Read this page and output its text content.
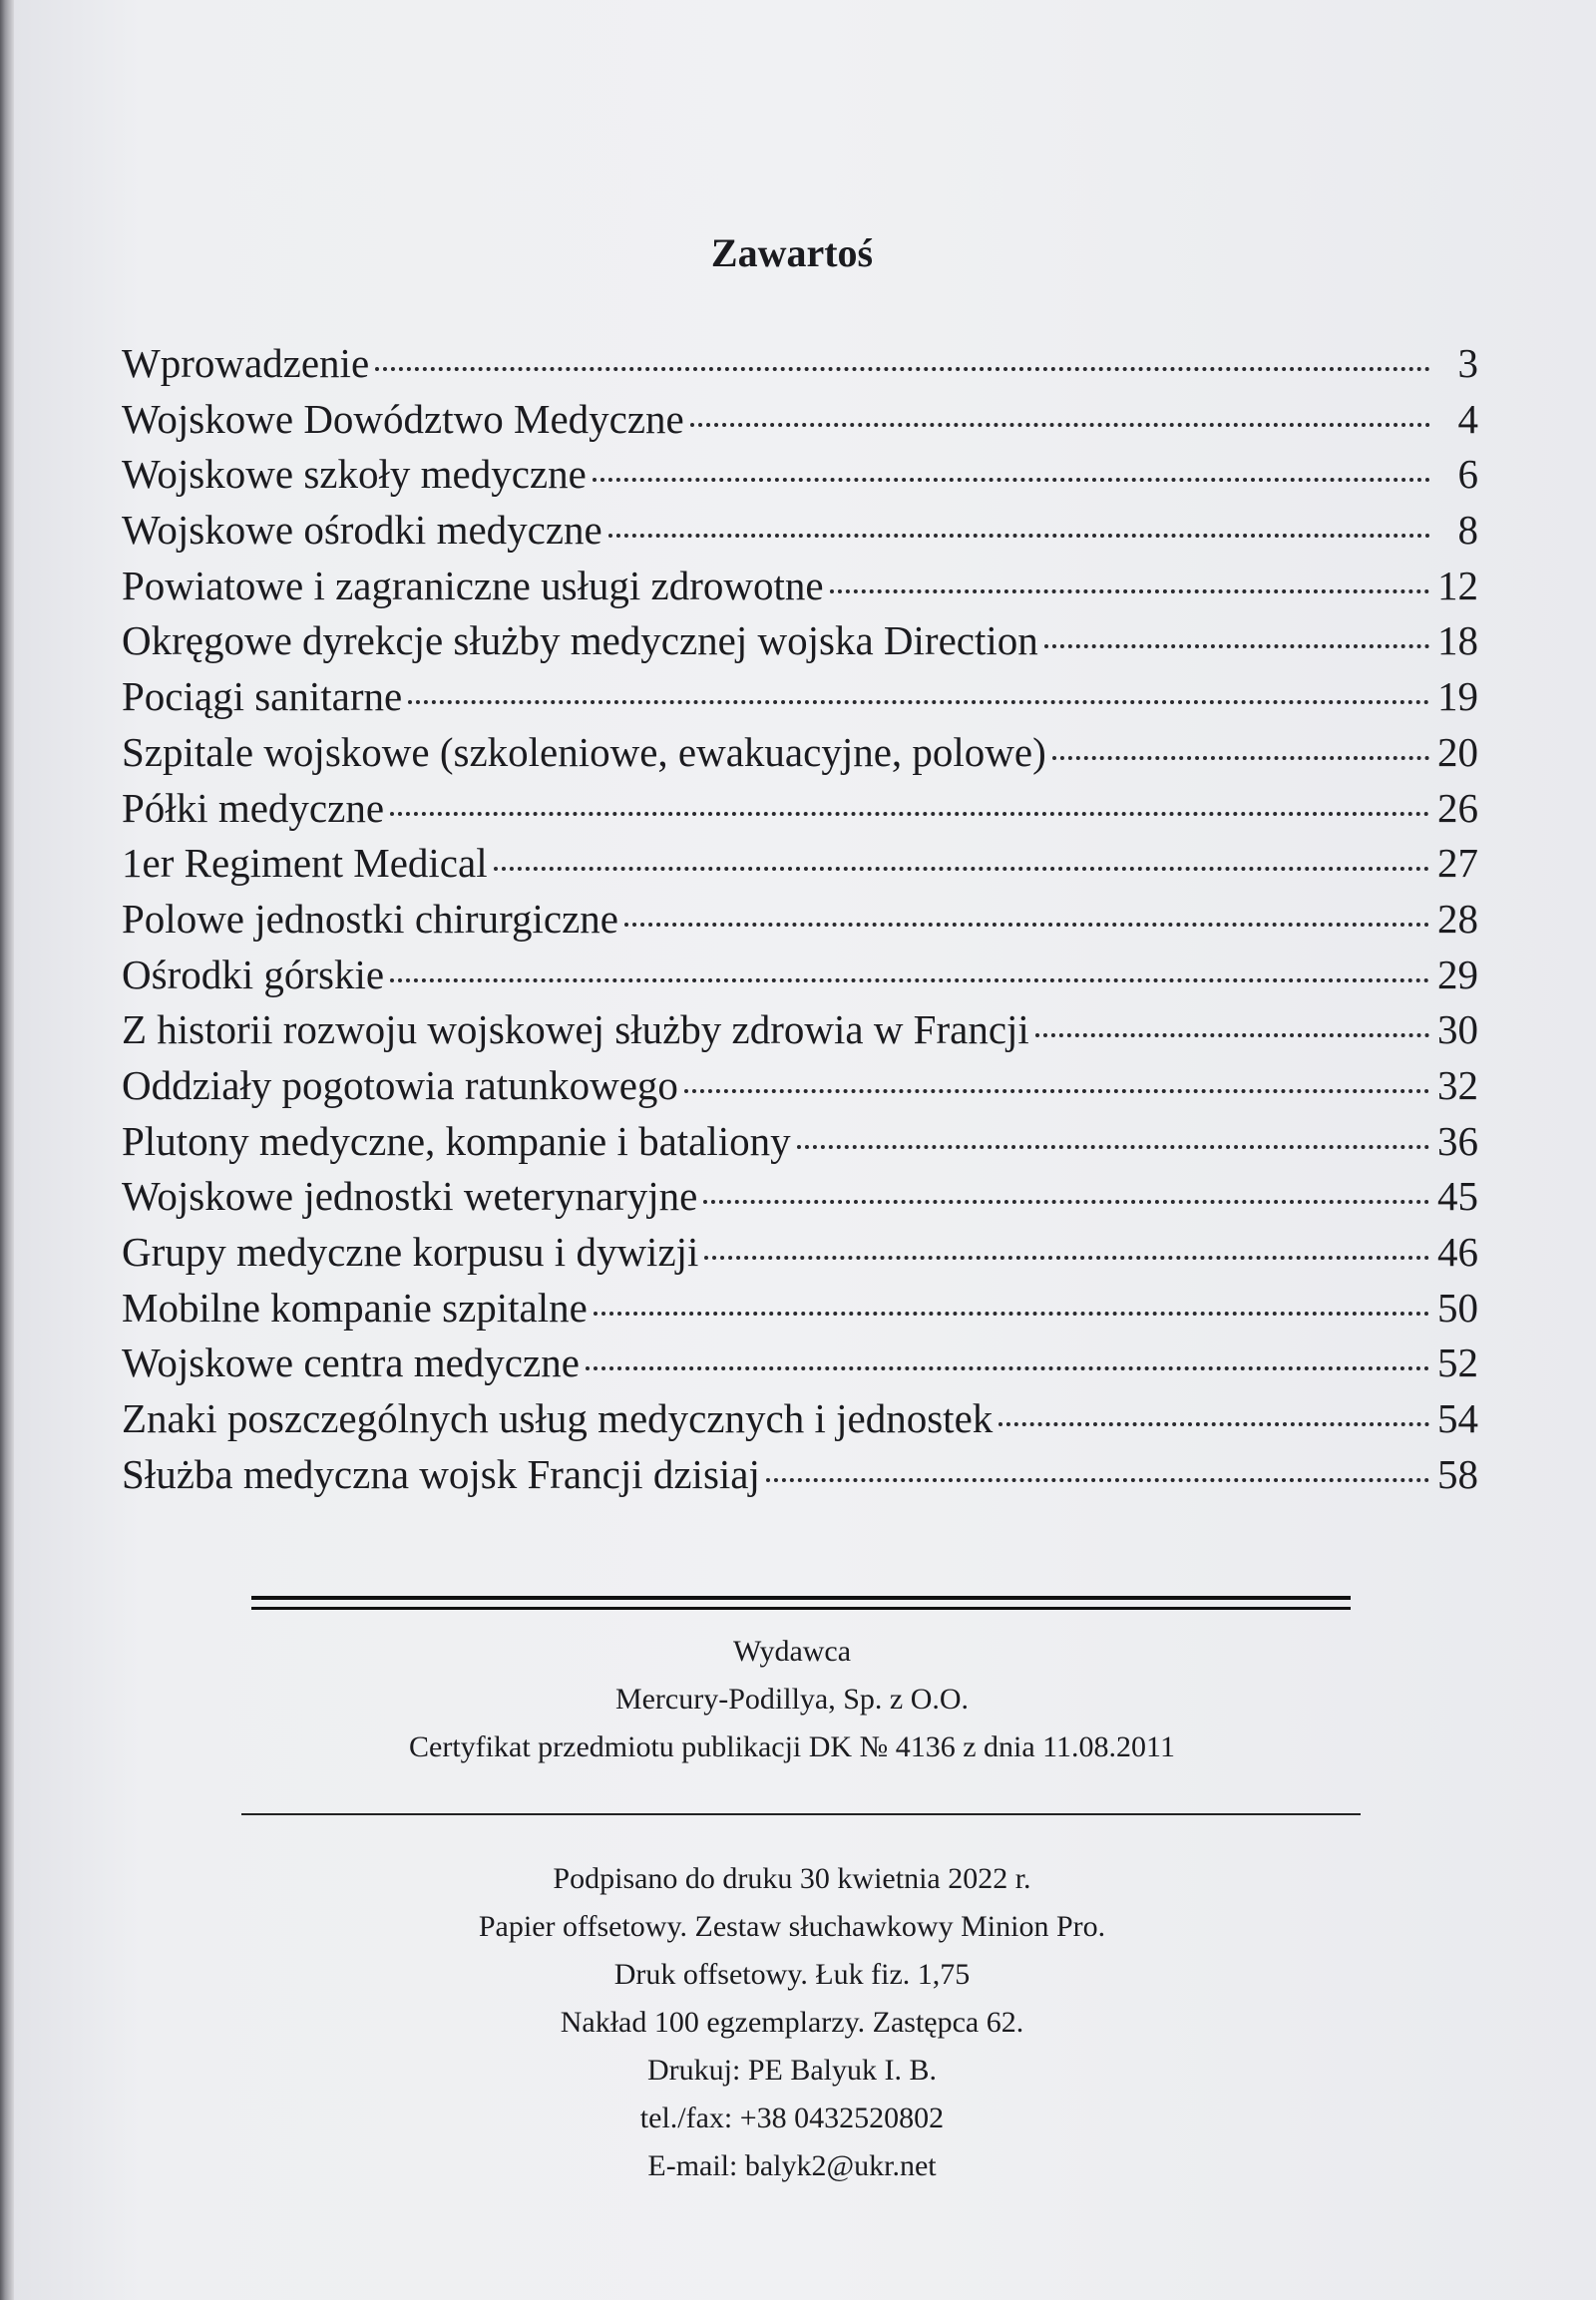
Zawartoś
Wprowadzenie	3
Wojskowe Dowództwo Medyczne	4
Wojskowe szkoły medyczne	6
Wojskowe ośrodki medyczne	8
Powiatowe i zagraniczne usługi zdrowotne	12
Okręgowe dyrekcje służby medycznej wojska Direction	18
Pociągi sanitarne	19
Szpitale wojskowe (szkoleniowe, ewakuacyjne, polowe)	20
Półki medyczne	26
1er Regiment Medical	27
Polowe jednostki chirurgiczne	28
Ośrodki górskie	29
Z historii rozwoju wojskowej służby zdrowia w Francji	30
Oddziały pogotowia ratunkowego	32
Plutony medyczne, kompanie i bataliony	36
Wojskowe jednostki weterynaryjne	45
Grupy medyczne korpusu i dywizji	46
Mobilne kompanie szpitalne	50
Wojskowe centra medyczne	52
Znaki poszczególnych usług medycznych i jednostek	54
Służba medyczna wojsk Francji dzisiaj	58
Wydawca
Mercury-Podillya, Sp. z O.O.
Certyfikat przedmiotu publikacji DK № 4136 z dnia 11.08.2011
Podpisano do druku 30 kwietnia 2022 r.
Papier offsetowy. Zestaw słuchawkowy Minion Pro.
Druk offsetowy. Łuk fiz. 1,75
Nakład 100 egzemplarzy. Zastępca 62.
Drukuj: PE Balyuk I. B.
tel./fax: +38 0432520802
E-mail: balyk2@ukr.net
